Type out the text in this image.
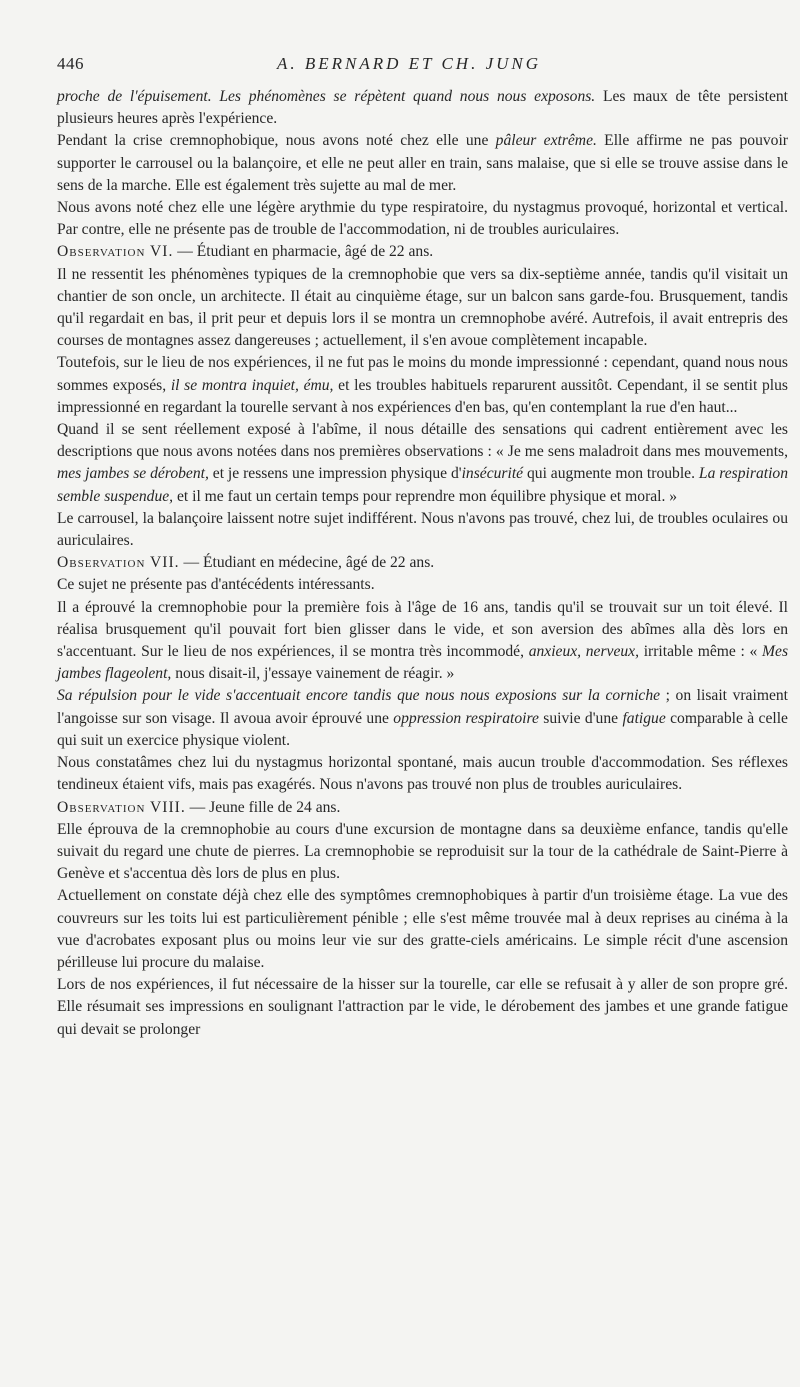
446	A. BERNARD ET CH. JUNG

proche de l'épuisement. Les phénomènes se répètent quand nous nous exposons. Les maux de tête persistent plusieurs heures après l'expérience.

Pendant la crise cremnophobique, nous avons noté chez elle une pâleur extrême. Elle affirme ne pas pouvoir supporter le carrousel ou la balançoire, et elle ne peut aller en train, sans malaise, que si elle se trouve assise dans le sens de la marche. Elle est également très sujette au mal de mer.

Nous avons noté chez elle une légère arythmie du type respiratoire, du nystagmus provoqué, horizontal et vertical. Par contre, elle ne présente pas de trouble de l'accommodation, ni de troubles auriculaires.

Observation VI. — Étudiant en pharmacie, âgé de 22 ans.

Il ne ressentit les phénomènes typiques de la cremnophobie que vers sa dix-septième année, tandis qu'il visitait un chantier de son oncle, un architecte. Il était au cinquième étage, sur un balcon sans garde-fou. Brusquement, tandis qu'il regardait en bas, il prit peur et depuis lors il se montra un cremnophobe avéré. Autrefois, il avait entrepris des courses de montagnes assez dangereuses ; actuellement, il s'en avoue complètement incapable.

Toutefois, sur le lieu de nos expériences, il ne fut pas le moins du monde impressionné : cependant, quand nous nous sommes exposés, il se montra inquiet, ému, et les troubles habituels reparurent aussitôt. Cependant, il se sentit plus impressionné en regardant la tourelle servant à nos expériences d'en bas, qu'en contemplant la rue d'en haut...

Quand il se sent réellement exposé à l'abîme, il nous détaille des sensations qui cadrent entièrement avec les descriptions que nous avons notées dans nos premières observations : « Je me sens maladroit dans mes mouvements, mes jambes se dérobent, et je ressens une impression physique d'insécurité qui augmente mon trouble. La respiration semble suspendue, et il me faut un certain temps pour reprendre mon équilibre physique et moral. »

Le carrousel, la balançoire laissent notre sujet indifférent. Nous n'avons pas trouvé, chez lui, de troubles oculaires ou auriculaires.

Observation VII. — Étudiant en médecine, âgé de 22 ans.

Ce sujet ne présente pas d'antécédents intéressants.

Il a éprouvé la cremnophobie pour la première fois à l'âge de 16 ans, tandis qu'il se trouvait sur un toit élevé. Il réalisa brusquement qu'il pouvait fort bien glisser dans le vide, et son aversion des abîmes alla dès lors en s'accentuant. Sur le lieu de nos expériences, il se montra très incommodé, anxieux, nerveux, irritable même : « Mes jambes flageolent, nous disait-il, j'essaye vainement de réagir. »

Sa répulsion pour le vide s'accentuait encore tandis que nous nous exposions sur la corniche ; on lisait vraiment l'angoisse sur son visage. Il avoua avoir éprouvé une oppression respiratoire suivie d'une fatigue comparable à celle qui suit un exercice physique violent.

Nous constatâmes chez lui du nystagmus horizontal spontané, mais aucun trouble d'accommodation. Ses réflexes tendineux étaient vifs, mais pas exagérés. Nous n'avons pas trouvé non plus de troubles auriculaires.

Observation VIII. — Jeune fille de 24 ans.

Elle éprouva de la cremnophobie au cours d'une excursion de montagne dans sa deuxième enfance, tandis qu'elle suivait du regard une chute de pierres. La cremnophobie se reproduisit sur la tour de la cathédrale de Saint-Pierre à Genève et s'accentua dès lors de plus en plus.

Actuellement on constate déjà chez elle des symptômes cremnophobiques à partir d'un troisième étage. La vue des couvreurs sur les toits lui est particulièrement pénible ; elle s'est même trouvée mal à deux reprises au cinéma à la vue d'acrobates exposant plus ou moins leur vie sur des gratte-ciels américains. Le simple récit d'une ascension périlleuse lui procure du malaise.

Lors de nos expériences, il fut nécessaire de la hisser sur la tourelle, car elle se refusait à y aller de son propre gré. Elle résumait ses impressions en soulignant l'attraction par le vide, le dérobement des jambes et une grande fatigue qui devait se prolonger
